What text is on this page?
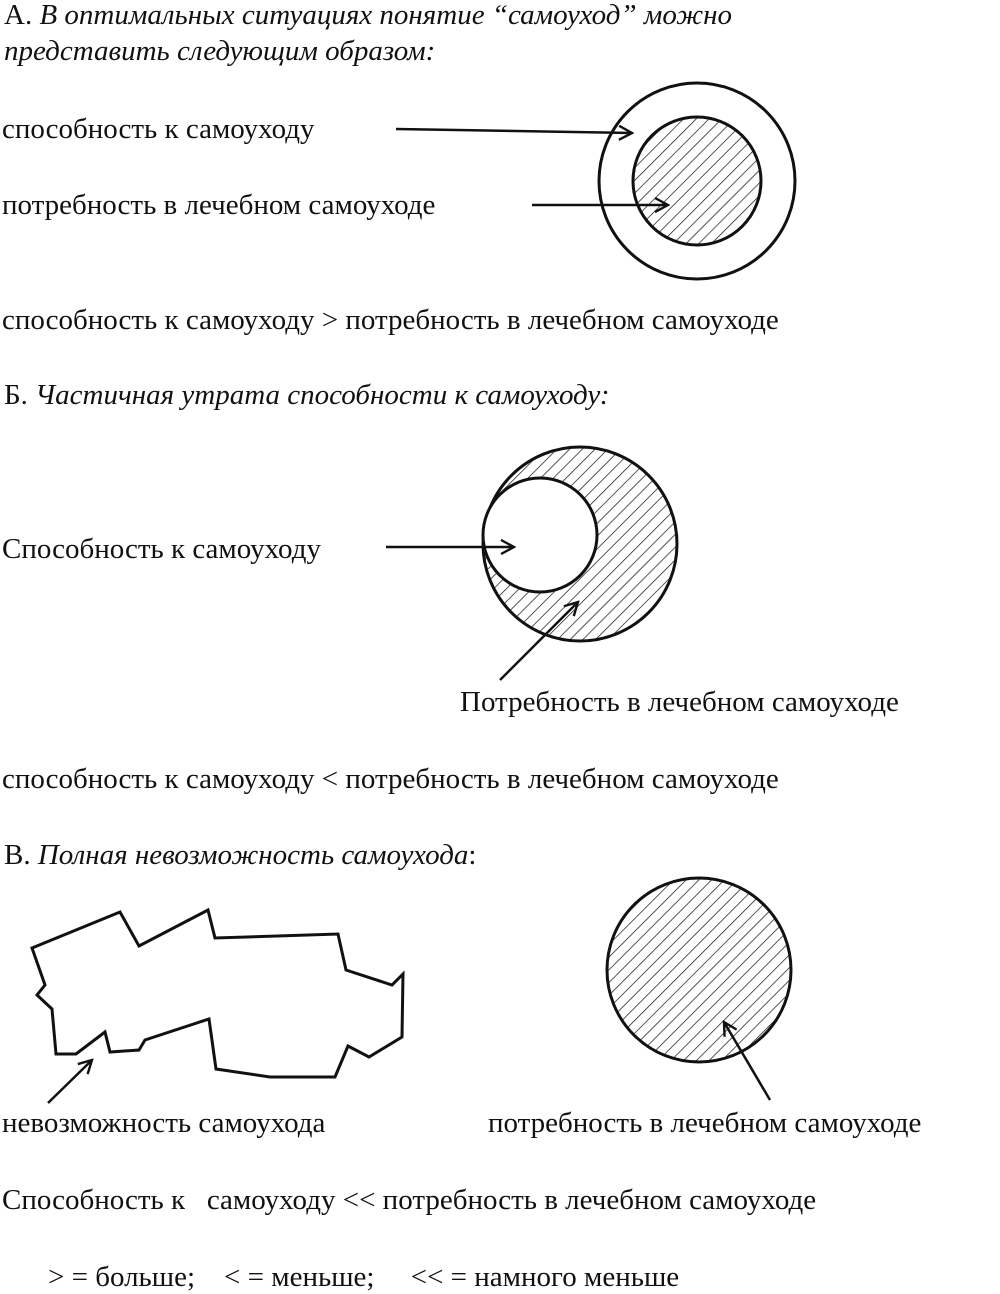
А. В оптимальных ситуациях понятие “самоуход” можно
представить следующим образом:
способность к самоуходу
потребность в лечебном самоуходе
способность к самоуходу > потребность в лечебном самоуходе
Б. Частичная утрата способности к самоуходу:
Способность к самоуходу
Потребность в лечебном самоуходе
способность к самоуходу < потребность в лечебном самоуходе
В. Полная невозможность самоухода:
невозможность самоухода	потребность в лечебном самоуходе
Способность к   самоуходу << потребность в лечебном самоуходе
> = больше;    < = меньше;     << = намного меньше
